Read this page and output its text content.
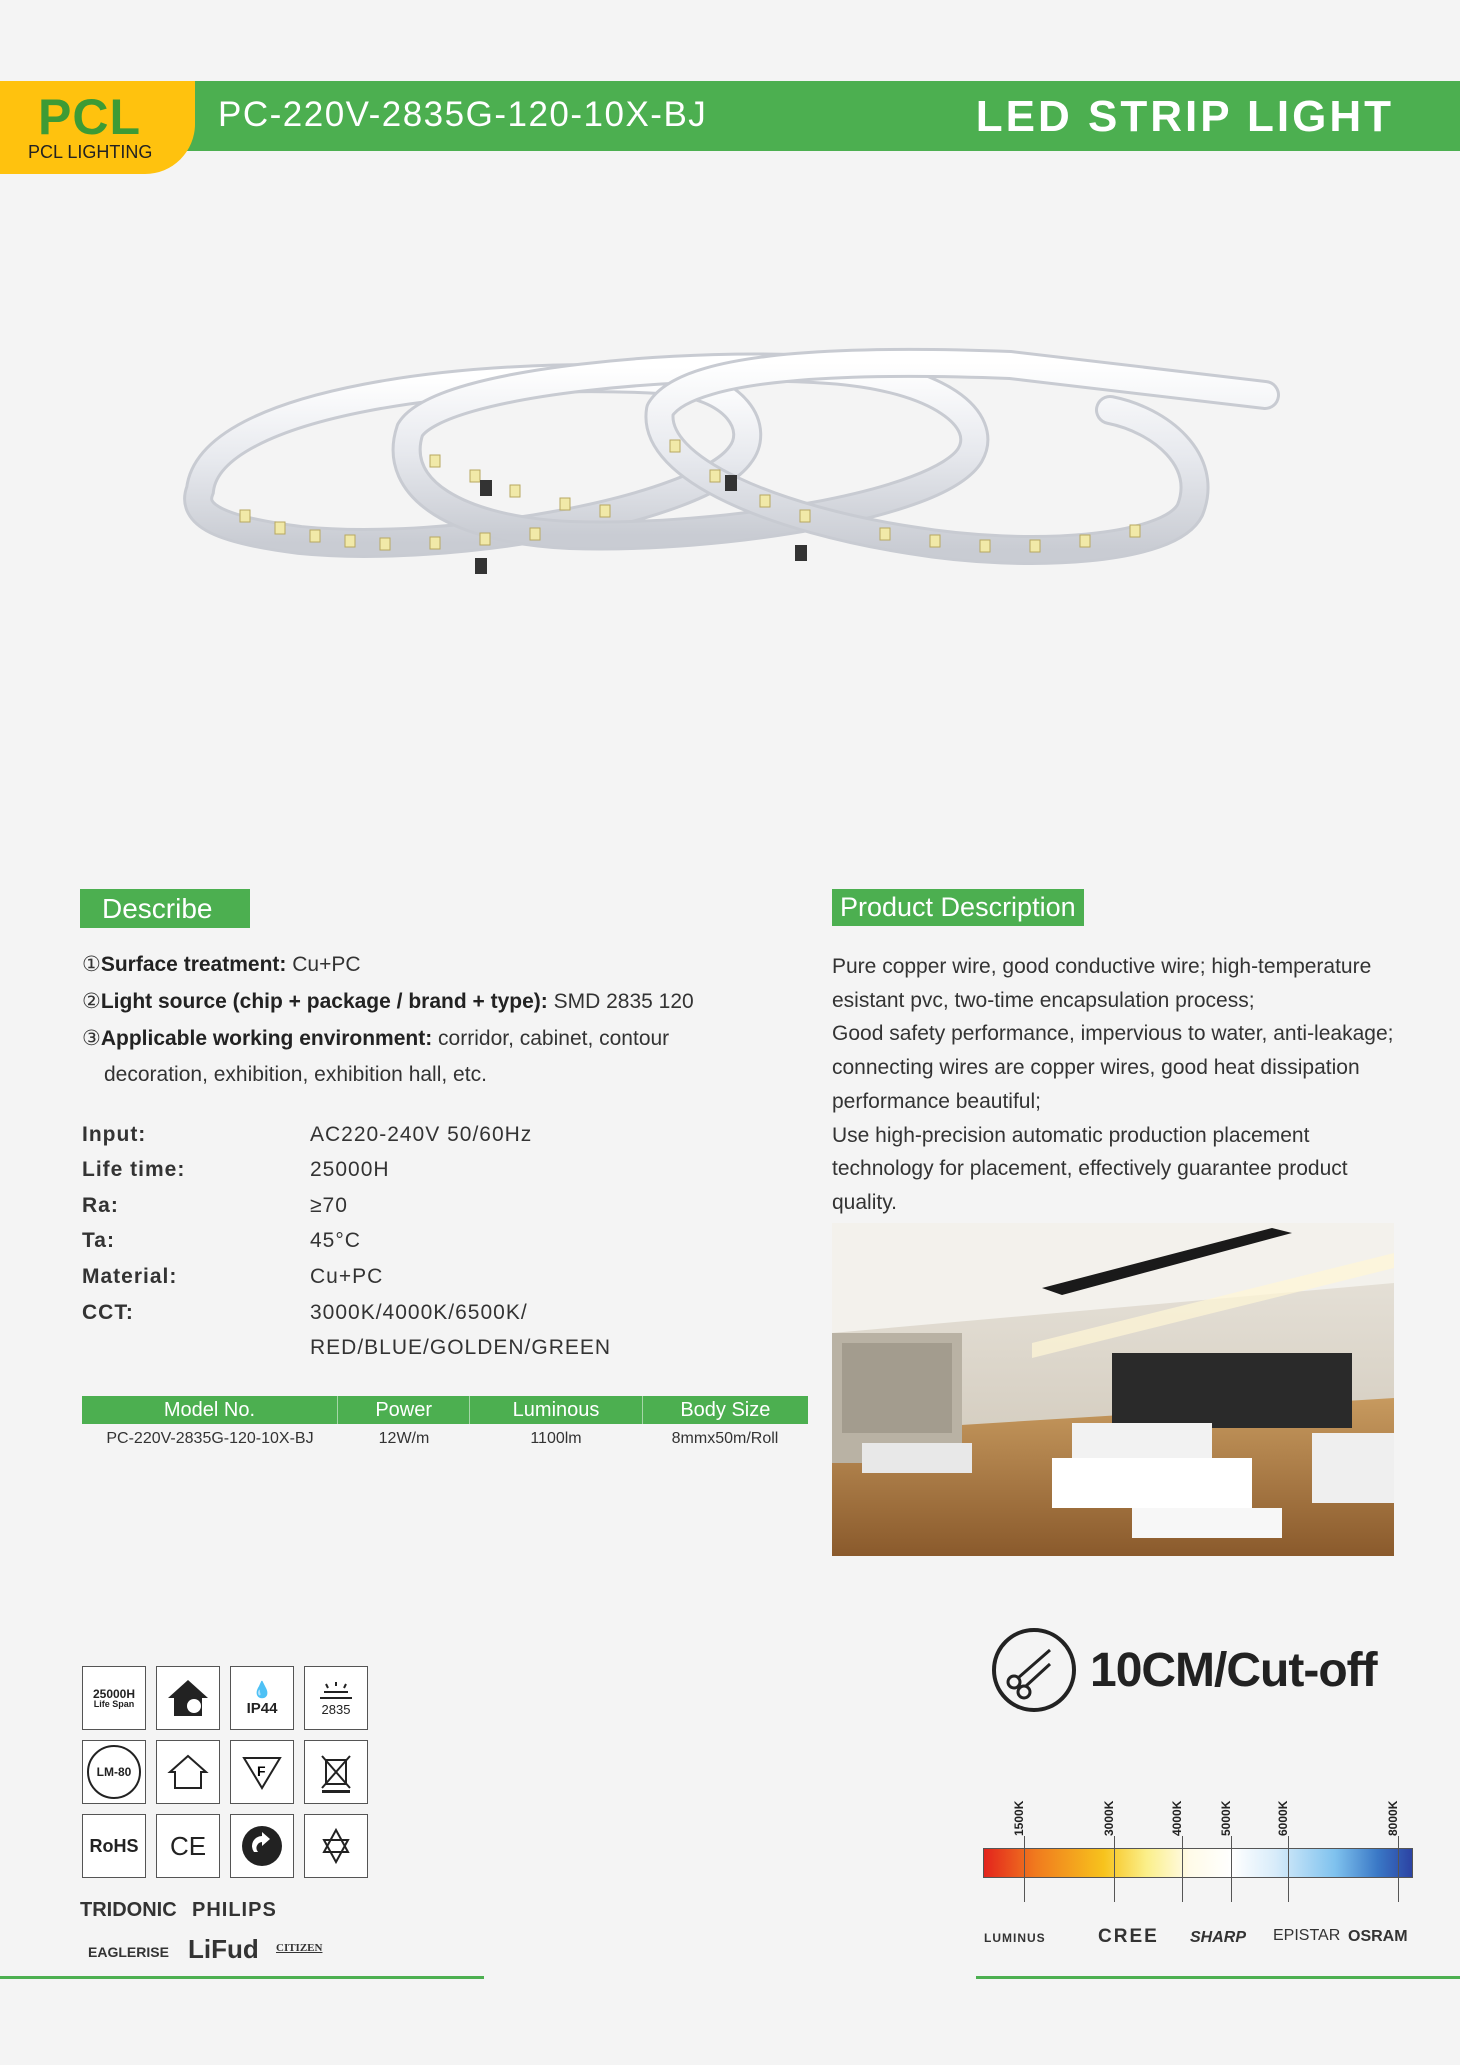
PCL
PCL LIGHTING
PC-220V-2835G-120-10X-BJ	LED STRIP LIGHT
Describe
①Surface treatment: Cu+PC
②Light source (chip + package / brand + type): SMD 2835 120
③Applicable working environment: corridor, cabinet, contour
decoration, exhibition, exhibition hall, etc.
Input:	AC220-240V 50/60Hz
Life time:	25000H
Ra:	≥70
Ta:	45°C
Material:	Cu+PC
CCT:	3000K/4000K/6500K/
RED/BLUE/GOLDEN/GREEN
Model No.	Power	Luminous	Body Size
PC-220V-2835G-120-10X-BJ	12W/m	1100lm	8mmx50m/Roll
Product Description
Pure copper wire, good conductive wire; high-temperature
esistant pvc, two-time encapsulation process;
Good safety performance, impervious to water, anti-leakage;
connecting wires are copper wires, good heat dissipation
performance beautiful;
Use high-precision automatic production placement
technology for placement, effectively guarantee product
quality.
25000H
Life Span
💧
IP44	2835
LM-80	F
RoHS	CE
TRIDONIC PHILIPS
EAGLERISE LiFud CITIZEN
10CM/Cut-off
1500K	3000K	4000K	5000K	6000K	8000K
LUMINUS	CREE SHARP EPISTAR OSRAM
